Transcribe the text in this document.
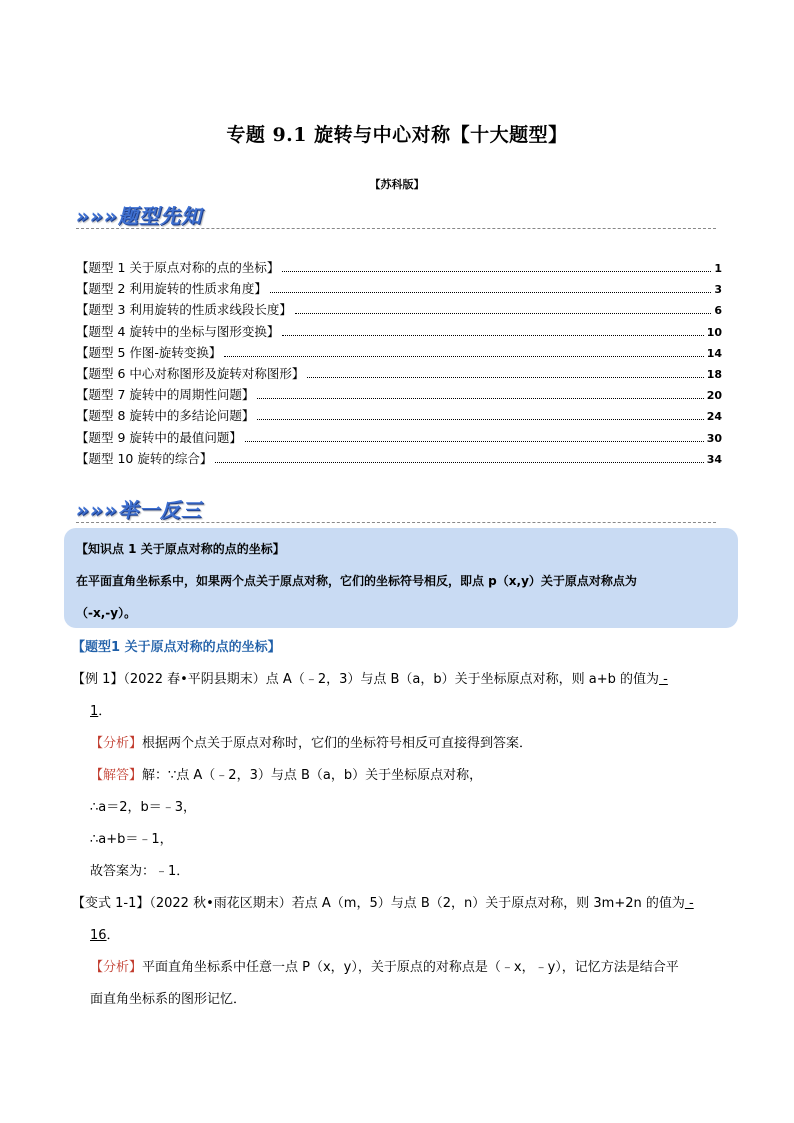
专题 9.1 旋转与中心对称【十大题型】
【苏科版】
»»»题型先知
【题型 1 关于原点对称的点的坐标】	1
【题型 2 利用旋转的性质求角度】	3
【题型 3 利用旋转的性质求线段长度】	6
【题型 4 旋转中的坐标与图形变换】	10
【题型 5 作图-旋转变换】	14
【题型 6 中心对称图形及旋转对称图形】	18
【题型 7 旋转中的周期性问题】	20
【题型 8 旋转中的多结论问题】	24
【题型 9 旋转中的最值问题】	30
【题型 10 旋转的综合】	34
»»»举一反三
【知识点 1 关于原点对称的点的坐标】
在平面直角坐标系中，如果两个点关于原点对称，它们的坐标符号相反，即点 p（x,y）关于原点对称点为
（-x,-y）。
【题型1 关于原点对称的点的坐标】
【例 1】（2022 春•平阴县期末）点 A（﹣2，3）与点 B（a，b）关于坐标原点对称，则 a+b 的值为 -
1．
【分析】根据两个点关于原点对称时，它们的坐标符号相反可直接得到答案．
【解答】解：∵点 A（﹣2，3）与点 B（a，b）关于坐标原点对称，
∴a＝2，b＝﹣3，
∴a+b＝﹣1，
故答案为：﹣1．
【变式 1-1】（2022 秋•雨花区期末）若点 A（m，5）与点 B（2，n）关于原点对称，则 3m+2n 的值为 -
16．
【分析】平面直角坐标系中任意一点 P（x，y），关于原点的对称点是（﹣x，﹣y），记忆方法是结合平
面直角坐标系的图形记忆．
